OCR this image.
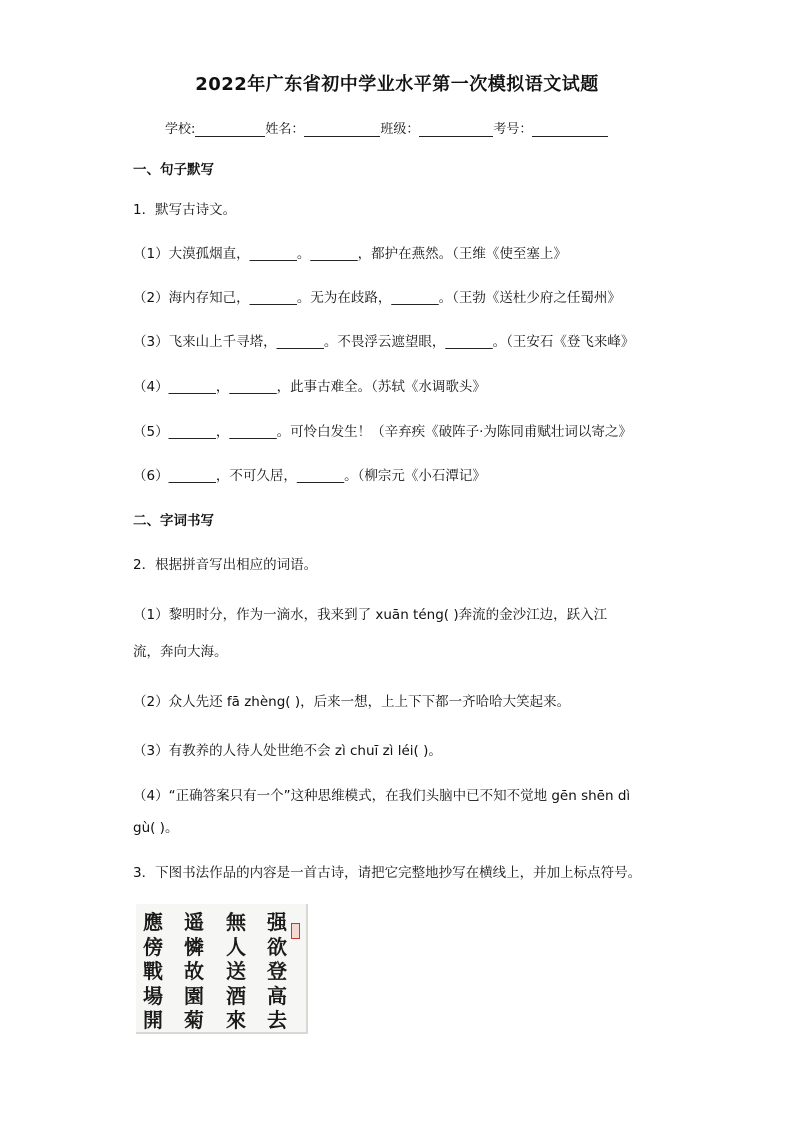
2022年广东省初中学业水平第一次模拟语文试题
学校:	姓名：	班级：	考号：
一、句子默写
1．默写古诗文。
（1）大漠孤烟直，_______。_______，都护在燕然。（王维《使至塞上》
（2）海内存知己，_______。无为在歧路，_______。（王勃《送杜少府之任蜀州》
（3）飞来山上千寻塔，_______。不畏浮云遮望眼，_______。（王安石《登飞来峰》
（4）_______，_______，此事古难全。（苏轼《水调歌头》
（5）_______，_______。可怜白发生！（辛弃疾《破阵子·为陈同甫赋壮词以寄之》
（6）_______，不可久居，_______。（柳宗元《小石潭记》
二、字词书写
2．根据拼音写出相应的词语。
（1）黎明时分，作为一滴水，我来到了 xuān téng( )奔流的金沙江边，跃入江
流，奔向大海。
（2）众人先还 fā zhèng( )，后来一想，上上下下都一齐哈哈大笑起来。
（3）有教养的人待人处世绝不会 zì chuī zì léi( )。
（4）“正确答案只有一个”这种思维模式，在我们头脑中已不知不觉地 gēn shēn dì
gù( )。
3．下图书法作品的内容是一首古诗，请把它完整地抄写在横线上，并加上标点符号。
應
傍
戰
場
開
遥
憐
故
園
菊
無
人
送
酒
來
强
欲
登
高
去
